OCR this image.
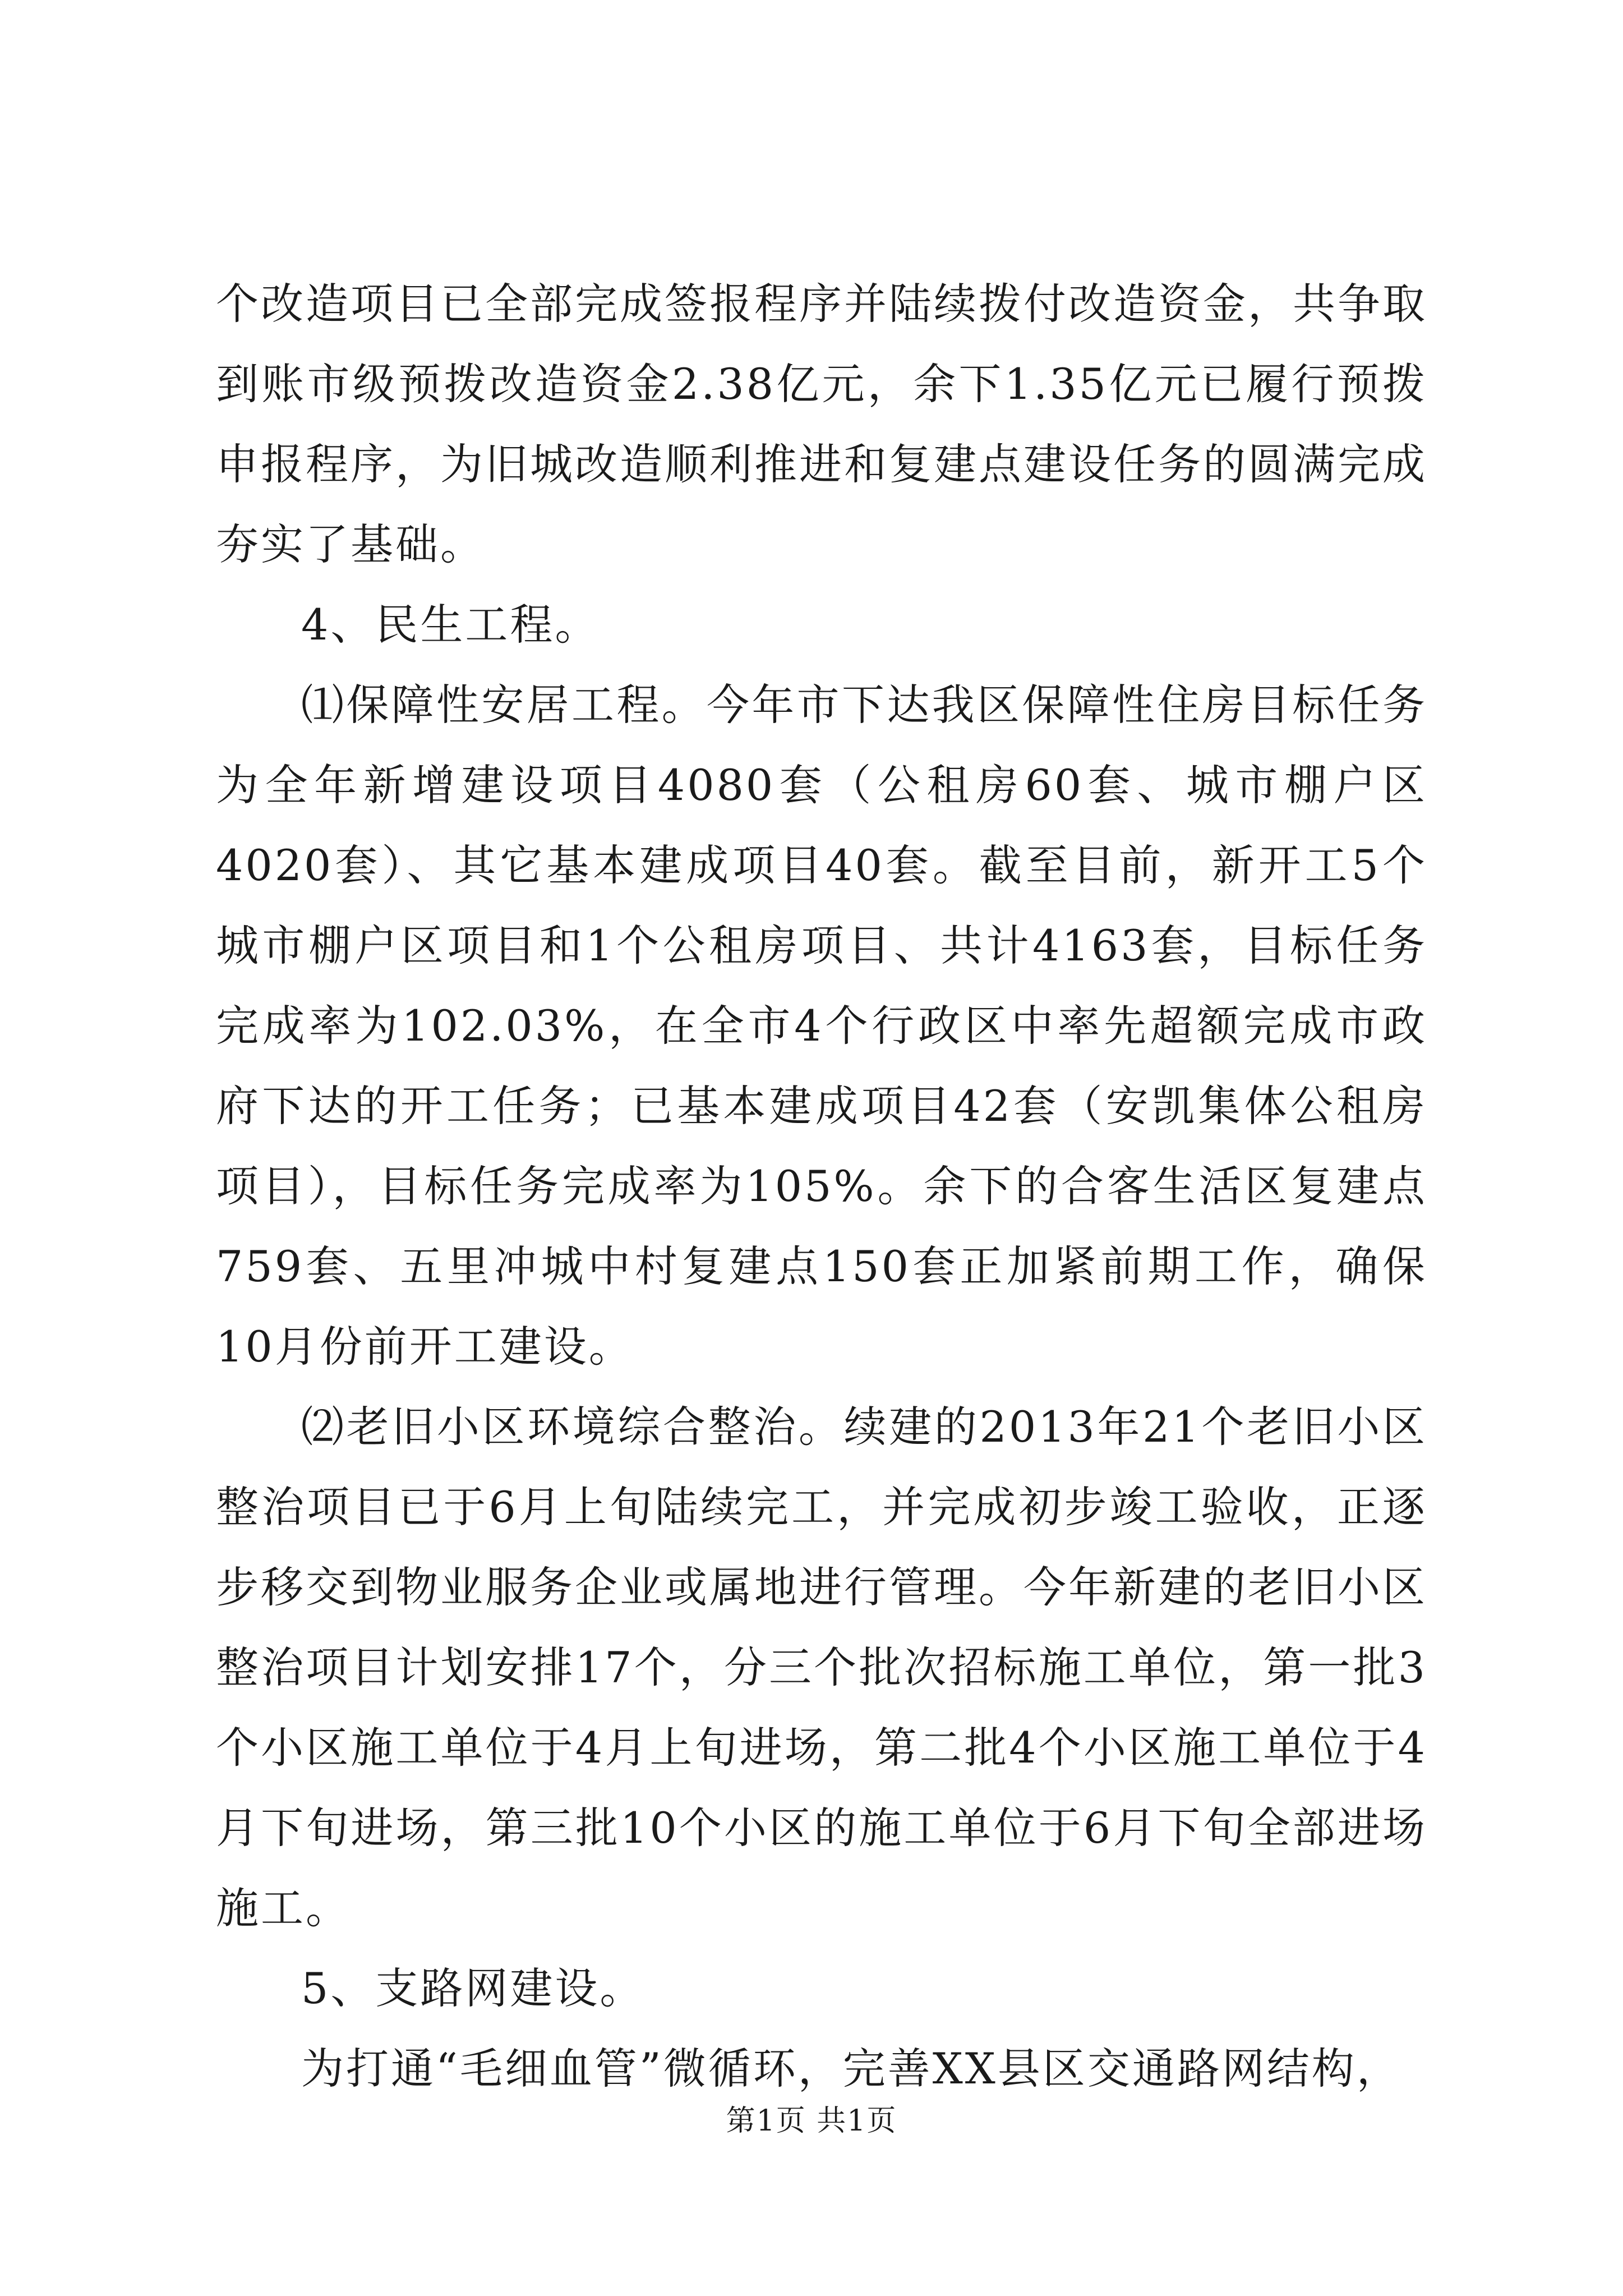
个改造项目已全部完成签报程序并陆续拨付改造资金，共争取到账市级预拨改造资金2.38亿元，余下1.35亿元已履行预拨申报程序，为旧城改造顺利推进和复建点建设任务的圆满完成夯实了基础。

4、民生工程。

⑴保障性安居工程。今年市下达我区保障性住房目标任务为全年新增建设项目4080套（公租房60套、城市棚户区4020套）、其它基本建成项目40套。截至目前，新开工5个城市棚户区项目和1个公租房项目、共计4163套，目标任务完成率为102.03%，在全市4个行政区中率先超额完成市政府下达的开工任务；已基本建成项目42套（安凯集体公租房项目），目标任务完成率为105%。余下的合客生活区复建点759套、五里冲城中村复建点150套正加紧前期工作，确保10月份前开工建设。

⑵老旧小区环境综合整治。续建的2013年21个老旧小区整治项目已于6月上旬陆续完工，并完成初步竣工验收，正逐步移交到物业服务企业或属地进行管理。今年新建的老旧小区整治项目计划安排17个，分三个批次招标施工单位，第一批3个小区施工单位于4月上旬进场，第二批4个小区施工单位于4月下旬进场，第三批10个小区的施工单位于6月下旬全部进场施工。

5、支路网建设。

为打通“毛细血管”微循环，完善XX县区交通路网结构，

第1页 共1页
